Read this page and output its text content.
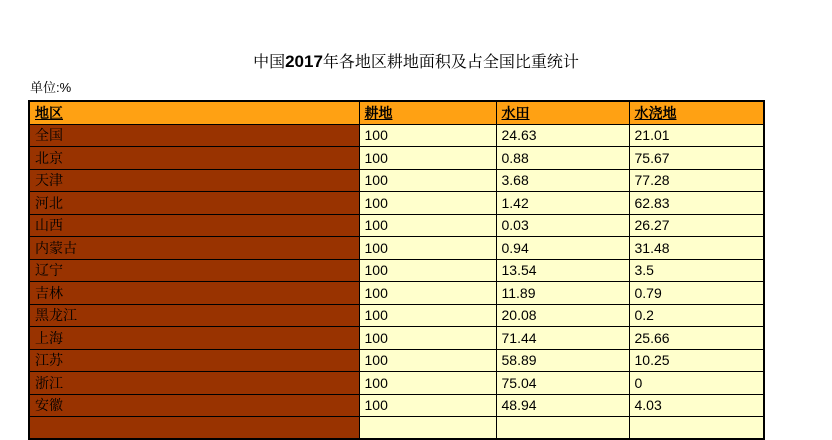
中国2017年各地区耕地面积及占全国比重统计
单位:%
地区	耕地	水田	水浇地
全国	100	24.63	21.01
北京	100	0.88	75.67
天津	100	3.68	77.28
河北	100	1.42	62.83
山西	100	0.03	26.27
内蒙古	100	0.94	31.48
辽宁	100	13.54	3.5
吉林	100	11.89	0.79
黑龙江	100	20.08	0.2
上海	100	71.44	25.66
江苏	100	58.89	10.25
浙江	100	75.04	0
安徽	100	48.94	4.03
